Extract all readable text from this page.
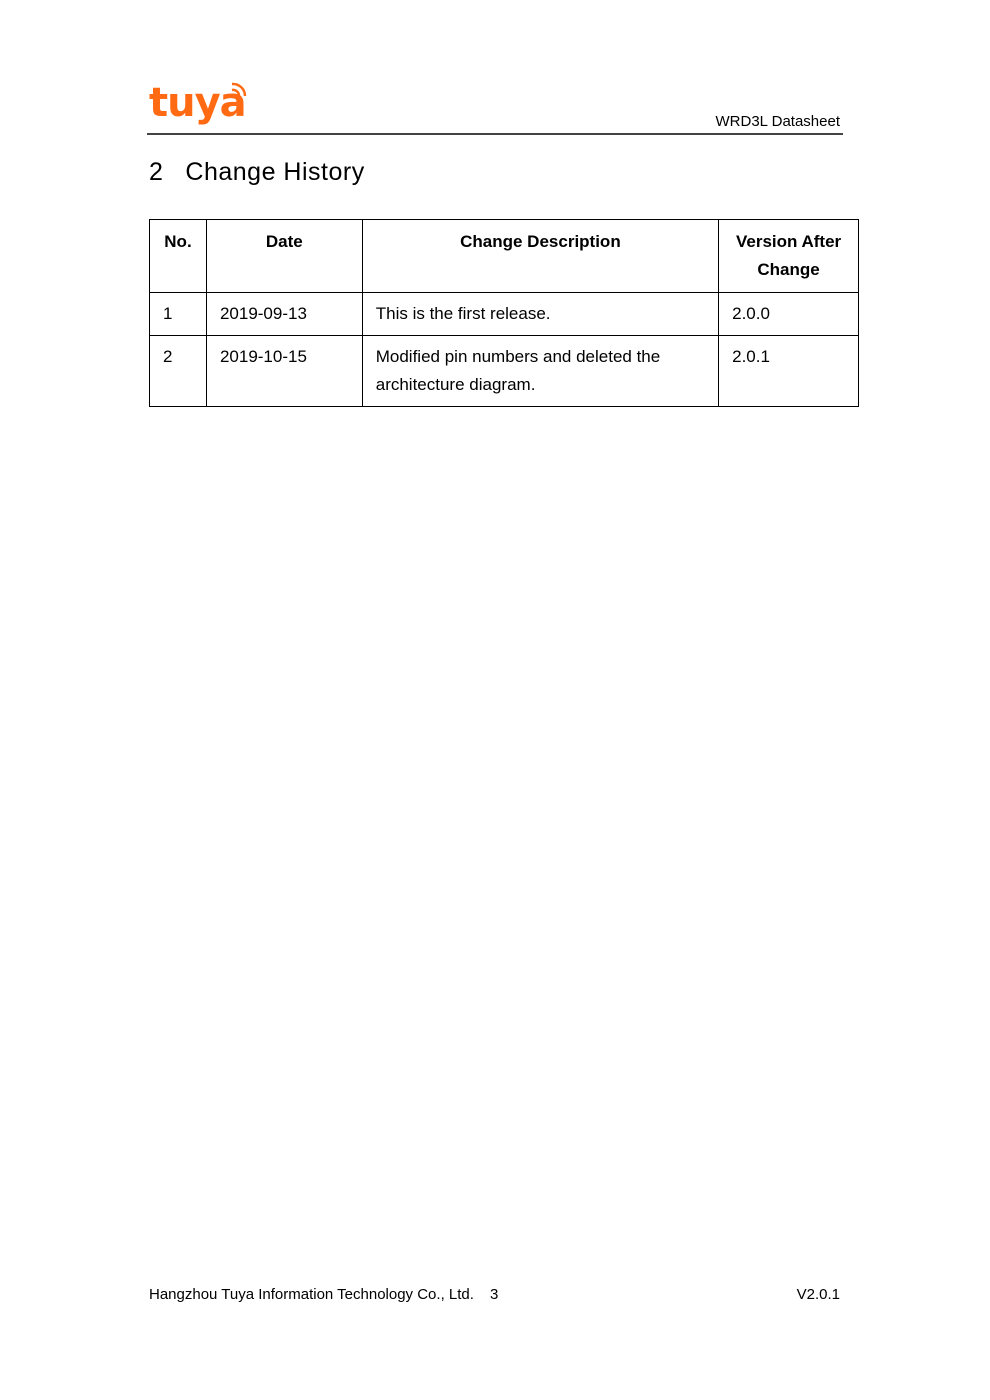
tuya	WRD3L Datasheet
2 Change History
No.	Date	Change Description	Version After Change
1	2019-09-13	This is the first release.	2.0.0
2	2019-10-15	Modified pin numbers and deleted the architecture diagram.	2.0.1
Hangzhou Tuya Information Technology Co., Ltd. 3	V2.0.1
